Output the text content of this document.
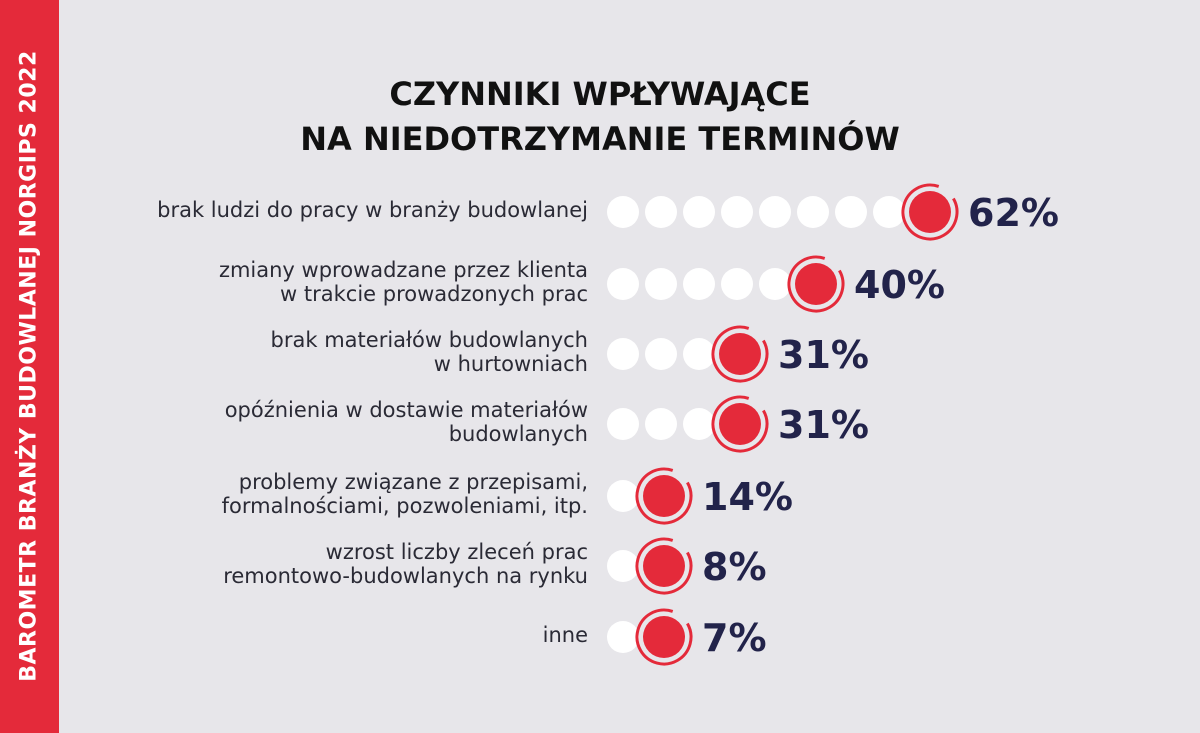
BAROMETR BRANŻY BUDOWLANEJ NORGIPS 2022	CZYNNIKI WPŁYWAJĄCE
NA NIEDOTRZYMANIE TERMINÓW
brak ludzi do pracy w branży budowlanej
zmiany wprowadzane przez klienta
w trakcie prowadzonych prac
brak materiałów budowlanych
w hurtowniach
opóźnienia w dostawie materiałów
budowlanych
problemy związane z przepisami,
formalnościami, pozwoleniami, itp.
wzrost liczby zleceń prac
remontowo-budowlanych na rynku
inne
62%
40%
31%
31%
14%
8%
7%
